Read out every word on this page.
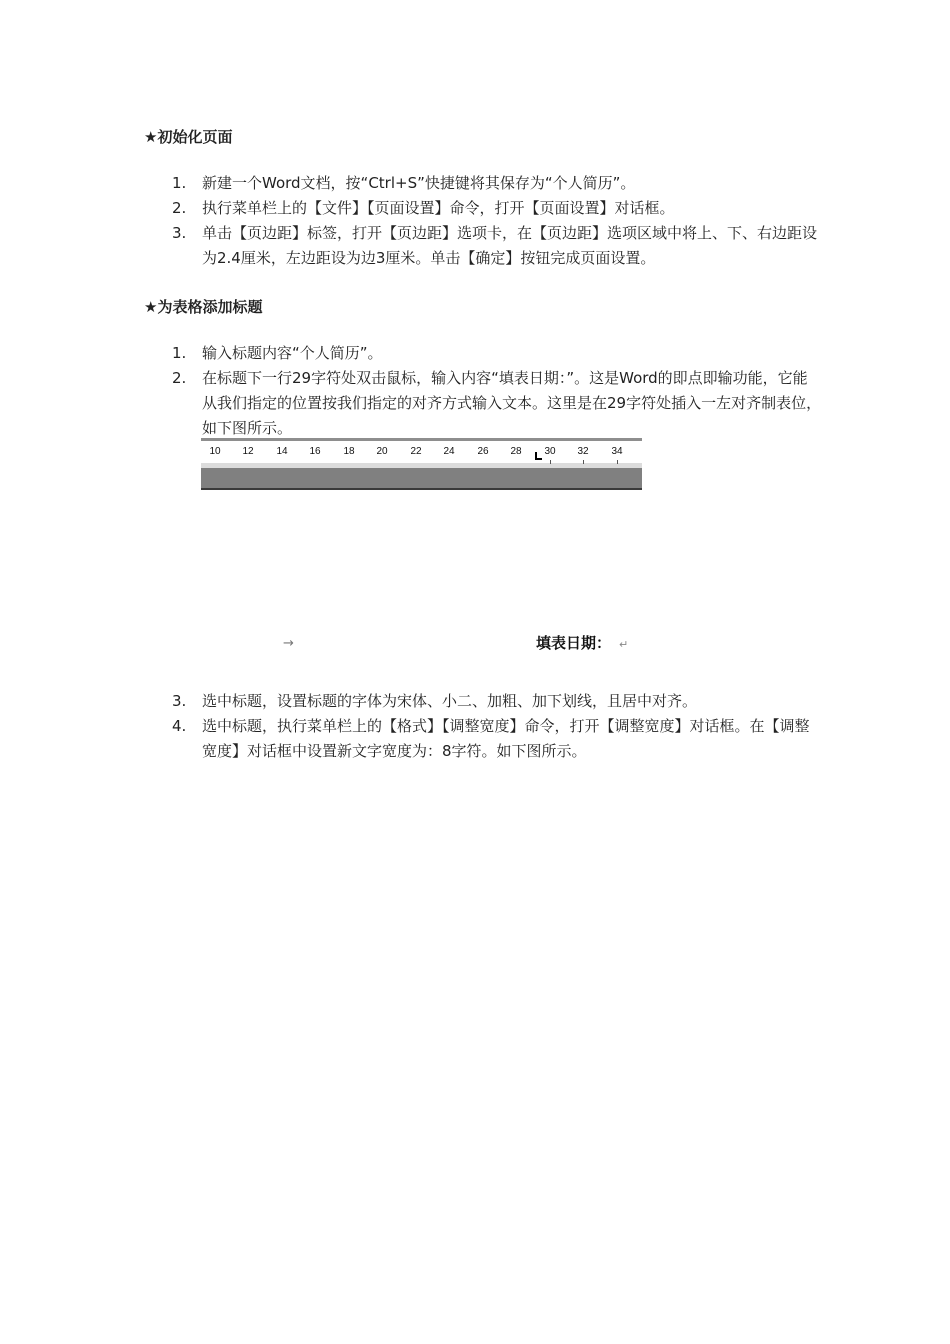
★初始化页面
1.	新建一个Word文档，按“Ctrl+S”快捷键将其保存为“个人简历”。
2.	执行菜单栏上的【文件】【页面设置】命令，打开【页面设置】对话框。
3.	单击【页边距】标签，打开【页边距】选项卡，在【页边距】选项区域中将上、下、右边距设为2.4厘米，左边距设为边3厘米。单击【确定】按钮完成页面设置。
★为表格添加标题
1.	输入标题内容“个人简历”。
2.	在标题下一行29字符处双击鼠标，输入内容“填表日期：”。这是Word的即点即输功能，它能从我们指定的位置按我们指定的对齐方式输入文本。这里是在29字符处插入一左对齐制表位，如下图所示。
10 12 14 16 18 20 22 24 26 28 30 32 34
→	填表日期： ↵
3.	选中标题，设置标题的字体为宋体、小二、加粗、加下划线，且居中对齐。
4.	选中标题，执行菜单栏上的【格式】【调整宽度】命令，打开【调整宽度】对话框。在【调整宽度】对话框中设置新文字宽度为：8字符。如下图所示。
